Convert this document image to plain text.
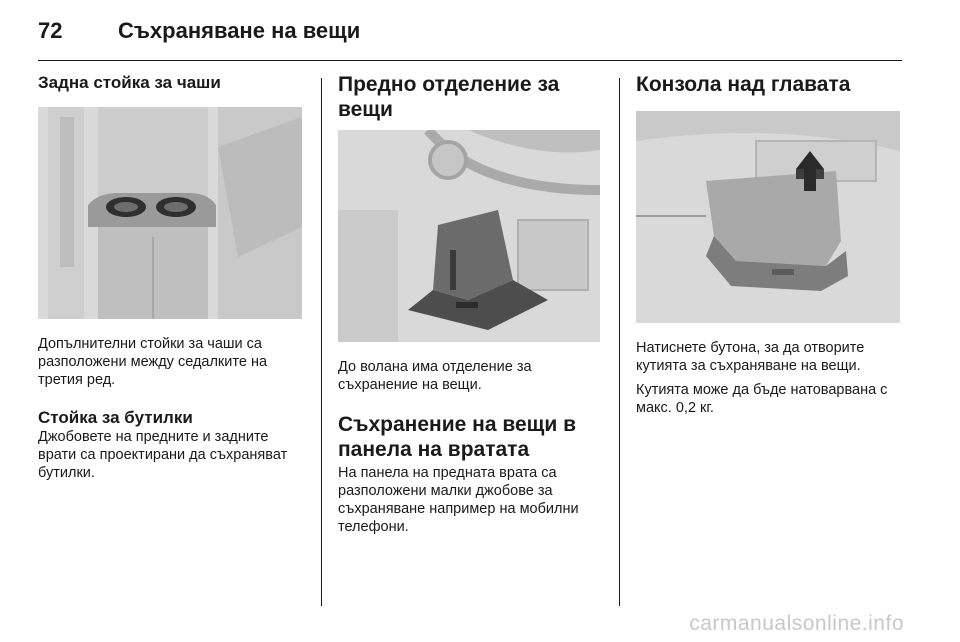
72	Съхраняване на вещи
Задна стойка за чаши

Допълнителни стойки за чаши са разположени между седалките на третия ред.

Стойка за бутилки

Джобовете на предните и задните врати са проектирани да съхраняват бутилки.

Предно отделение за вещи

До волана има отделение за съхранение на вещи.

Съхранение на вещи в панела на вратата

На панела на предната врата са разположени малки джобове за съхраняване например на мобилни телефони.

Конзола над главата

Натиснете бутона, за да отворите кутията за съхраняване на вещи.

Кутията може да бъде натоварвана с макс. 0,2 кг.

carmanualsonline.info
